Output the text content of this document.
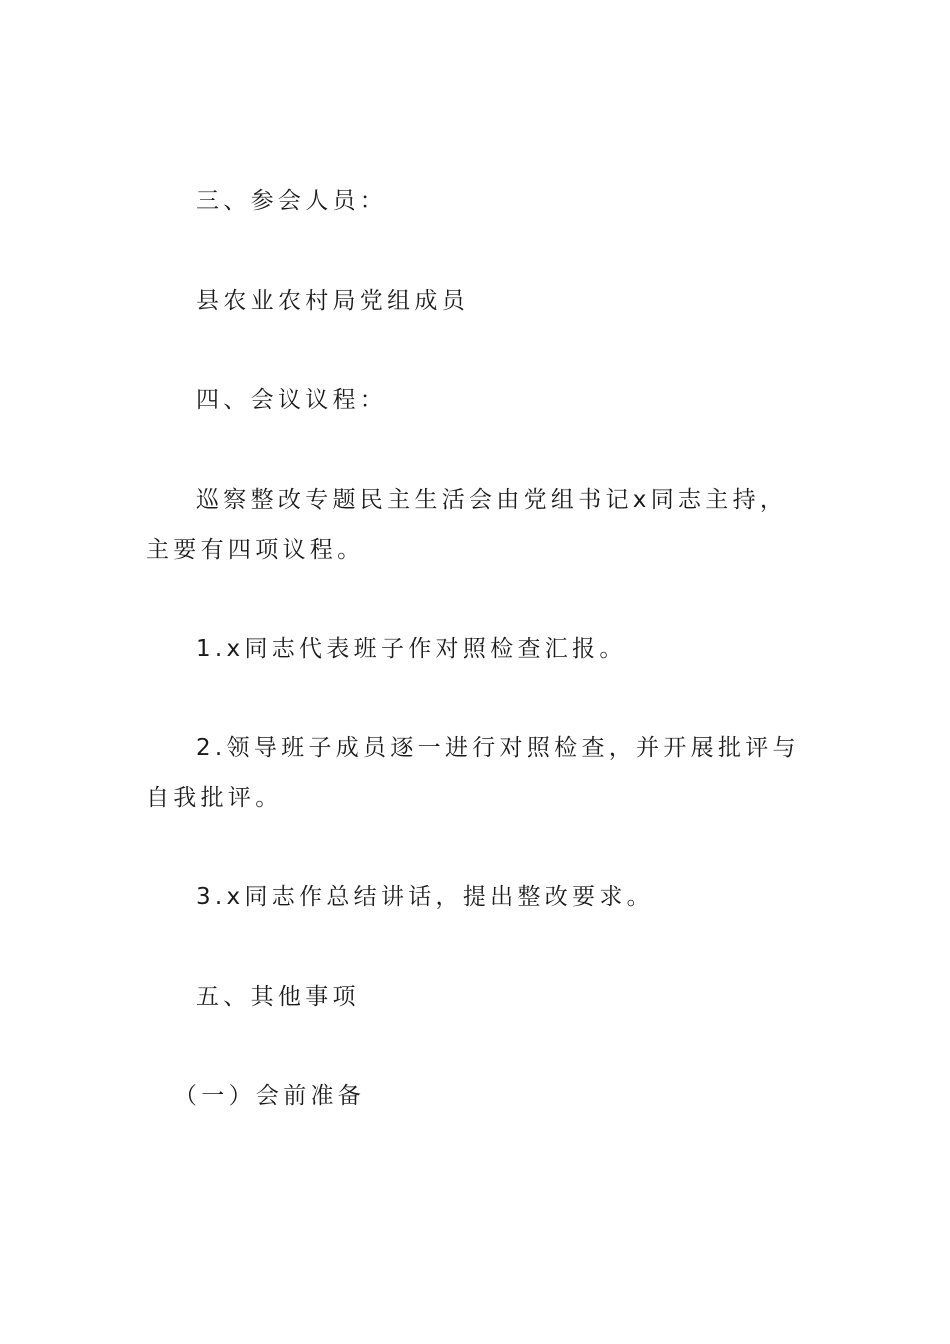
三、参会人员：

县农业农村局党组成员

四、会议议程：

巡察整改专题民主生活会由党组书记x同志主持，主要有四项议程。

1.x同志代表班子作对照检查汇报。

2.领导班子成员逐一进行对照检查，并开展批评与自我批评。

3.x同志作总结讲话，提出整改要求。

五、其他事项

（一）会前准备
